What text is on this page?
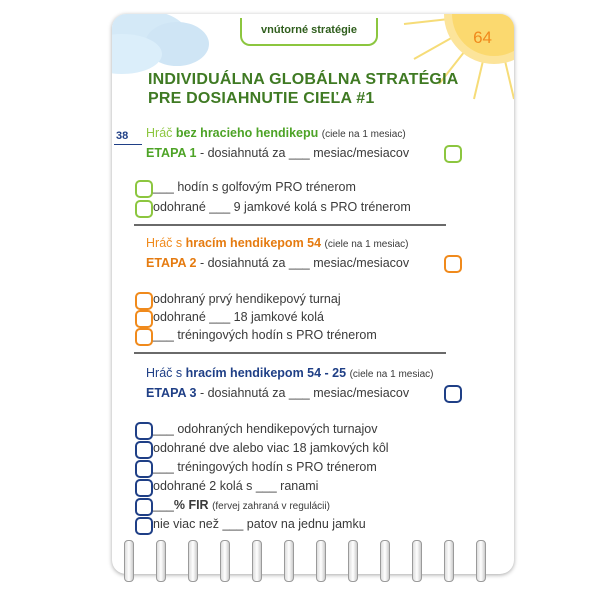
vnútorné stratégie	64
INDIVIDUÁLNA GLOBÁLNA STRATÉGIA
PRE DOSIAHNUTIE CIEĽA #1
38 Hráč bez hracieho hendikepu (ciele na 1 mesiac)
ETAPA 1 - dosiahnutá za ___ mesiac/mesiacov
___ hodín s golfovým PRO trénerom
odohrané ___ 9 jamkové kolá s PRO trénerom
Hráč s hracím hendikepom 54 (ciele na 1 mesiac)
ETAPA 2 - dosiahnutá za ___ mesiac/mesiacov
odohraný prvý hendikepový turnaj
odohrané ___ 18 jamkové kolá
___ tréningových hodín s PRO trénerom
Hráč s hracím hendikepom 54 - 25 (ciele na 1 mesiac)
ETAPA 3 - dosiahnutá za ___ mesiac/mesiacov
___ odohraných hendikepových turnajov
odohrané dve alebo viac 18 jamkových kôl
___ tréningových hodín s PRO trénerom
odohrané 2 kolá s ___ ranami
___% FIR (fervej zahraná v regulácii)
nie viac než ___ patov na jednu jamku
